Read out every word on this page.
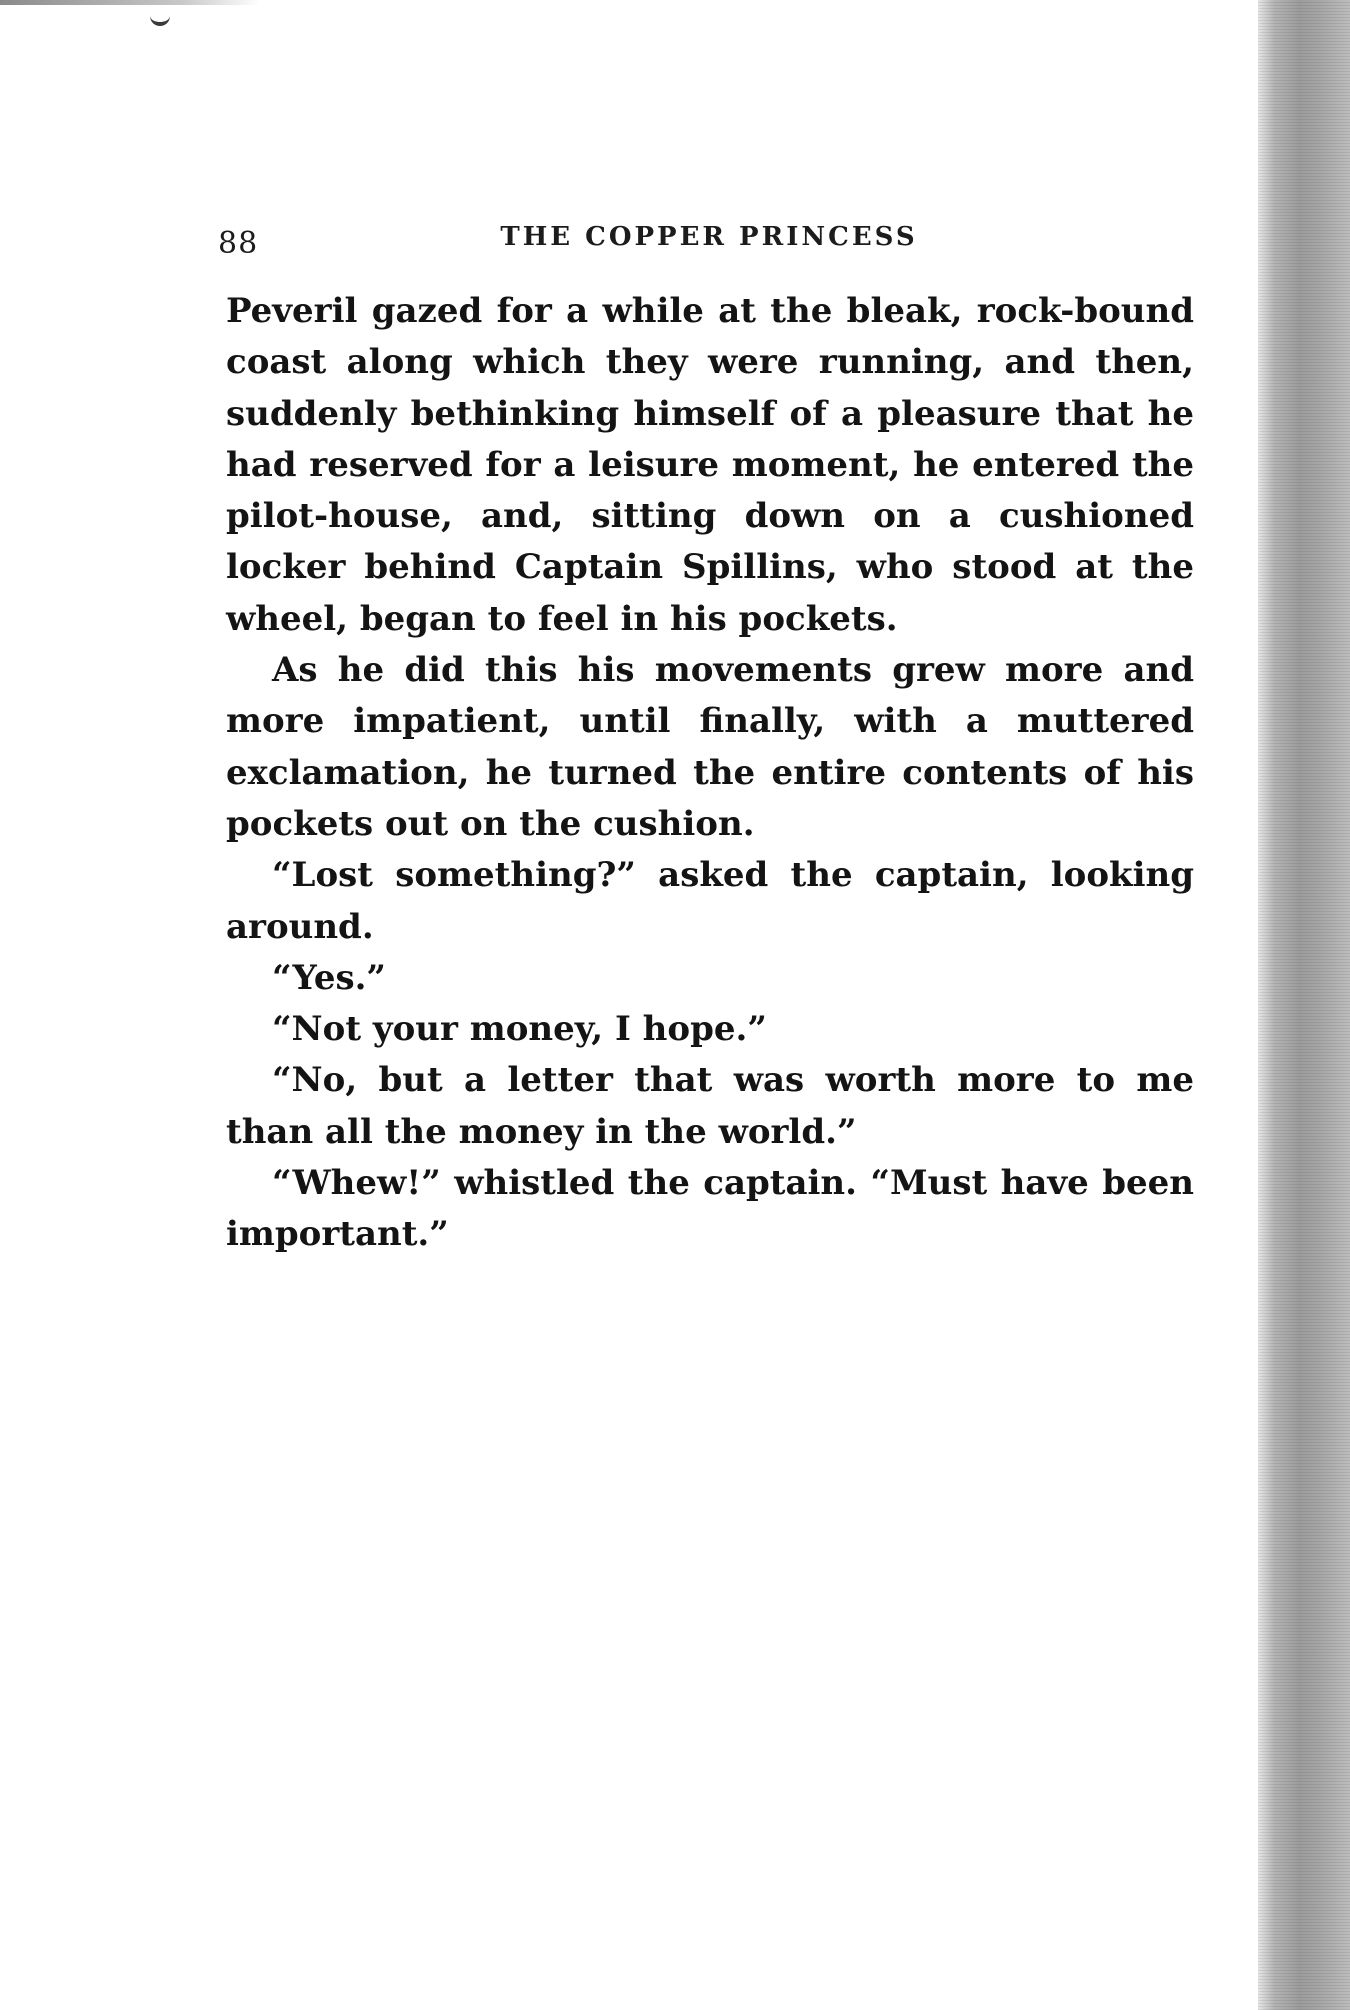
88	THE COPPER PRINCESS

Peveril gazed for a while at the bleak, rock-bound coast along which they were running, and then, suddenly bethinking himself of a pleasure that he had reserved for a leisure moment, he entered the pilot-house, and, sitting down on a cushioned locker behind Captain Spillins, who stood at the wheel, began to feel in his pockets.

As he did this his movements grew more and more impatient, until finally, with a muttered exclamation, he turned the entire contents of his pockets out on the cushion.

“Lost something?” asked the captain, looking around.

“Yes.”

“Not your money, I hope.”

“No, but a letter that was worth more to me than all the money in the world.”

“Whew!” whistled the captain. “Must have been important.”
